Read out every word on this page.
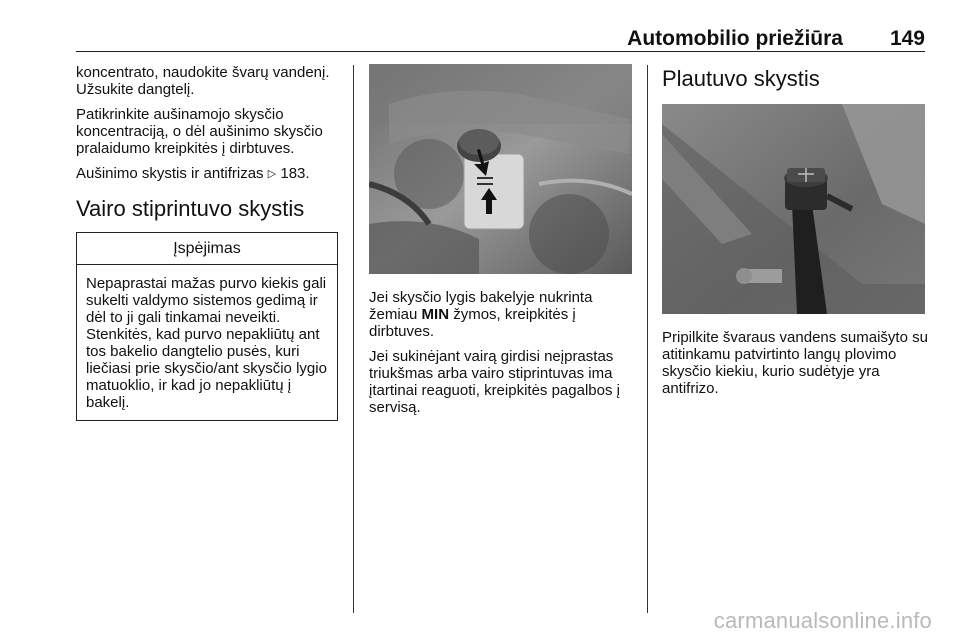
Automobilio priežiūra 149

koncentrato, naudokite švarų vandenį. Užsukite dangtelį.

Patikrinkite aušinamojo skysčio koncentraciją, o dėl aušinimo skysčio pralaidumo kreipkitės į dirbtuves.

Aušinimo skystis ir antifrizas ▷ 183.

Vairo stiprintuvo skystis
Įspėjimas
Nepaprastai mažas purvo kiekis gali sukelti valdymo sistemos gedimą ir dėl to ji gali tinkamai neveikti. Stenkitės, kad purvo nepakliūtų ant tos bakelio dangtelio pusės, kuri liečiasi prie skysčio/ant skysčio lygio matuoklio, ir kad jo nepakliūtų į bakelį.

Jei skysčio lygis bakelyje nukrinta žemiau MIN žymos, kreipkitės į dirbtuves.

Jei sukinėjant vairą girdisi neįprastas triukšmas arba vairo stiprintuvas ima įtartinai reaguoti, kreipkitės pagalbos į servisą.

Plautuvo skystis

Pripilkite švaraus vandens sumaišyto su atitinkamu patvirtinto langų plovimo skysčio kiekiu, kurio sudėtyje yra antifrizo.

carmanualsonline.info
